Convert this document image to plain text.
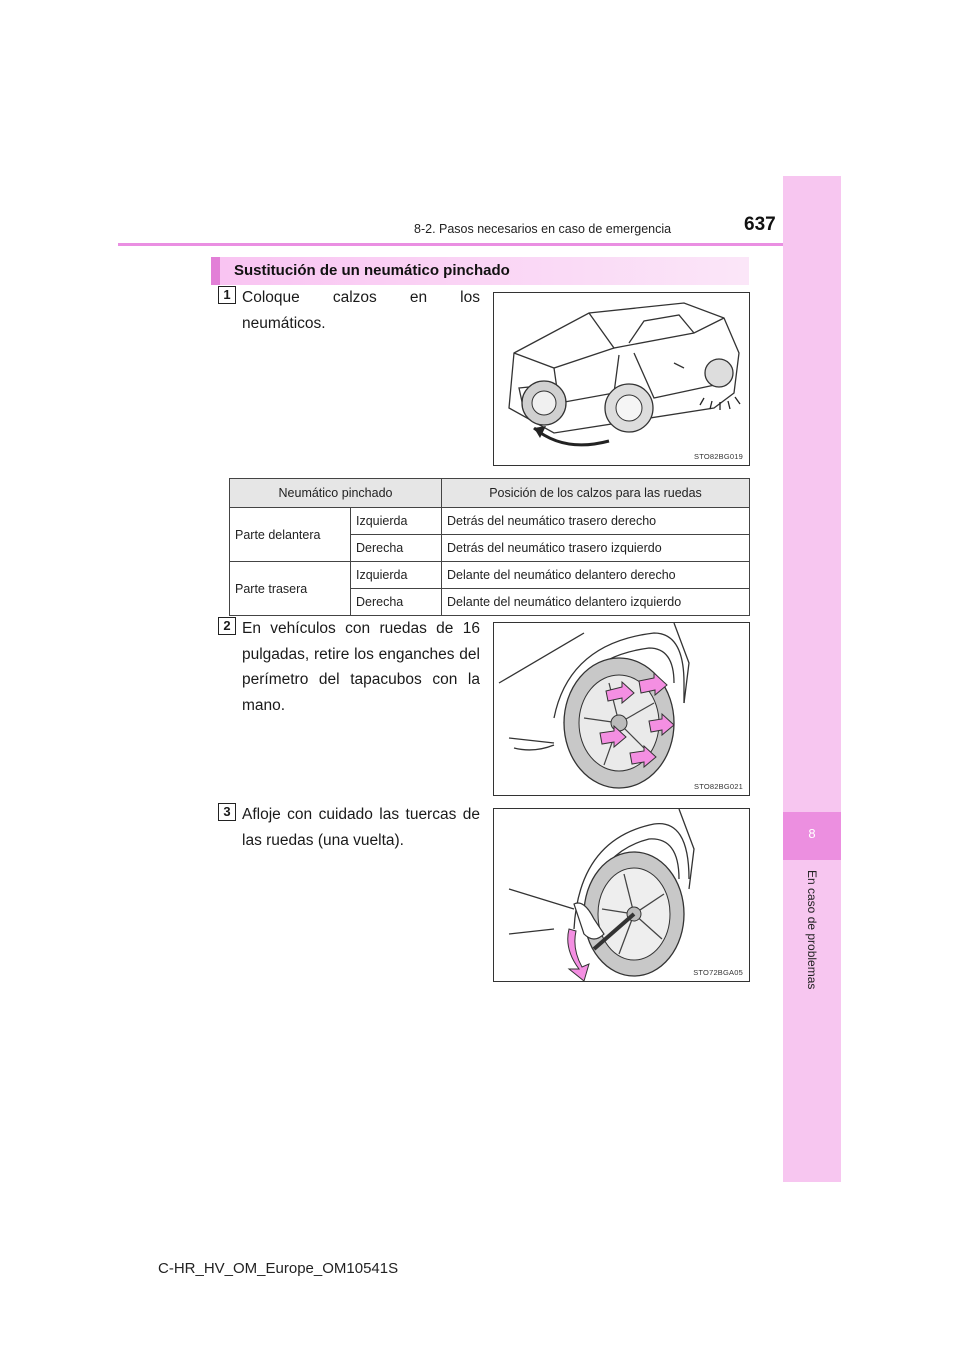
8-2. Pasos necesarios en caso de emergencia	637
8
En caso de problemas
Sustitución de un neumático pinchado
1 Coloque calzos en los neumáticos.
STO82BG019
Neumático pinchado		Posición de los calzos para las ruedas
Parte delantera	Izquierda	Detrás del neumático trasero derecho
	Derecha	Detrás del neumático trasero izquierdo
Parte trasera	Izquierda	Delante del neumático delantero derecho
	Derecha	Delante del neumático delantero izquierdo
2 En vehículos con ruedas de 16 pulgadas, retire los enganches del perímetro del tapacubos con la mano.
STO82BG021
3 Afloje con cuidado las tuercas de las ruedas (una vuelta).
STO72BGA05
C-HR_HV_OM_Europe_OM10541S
